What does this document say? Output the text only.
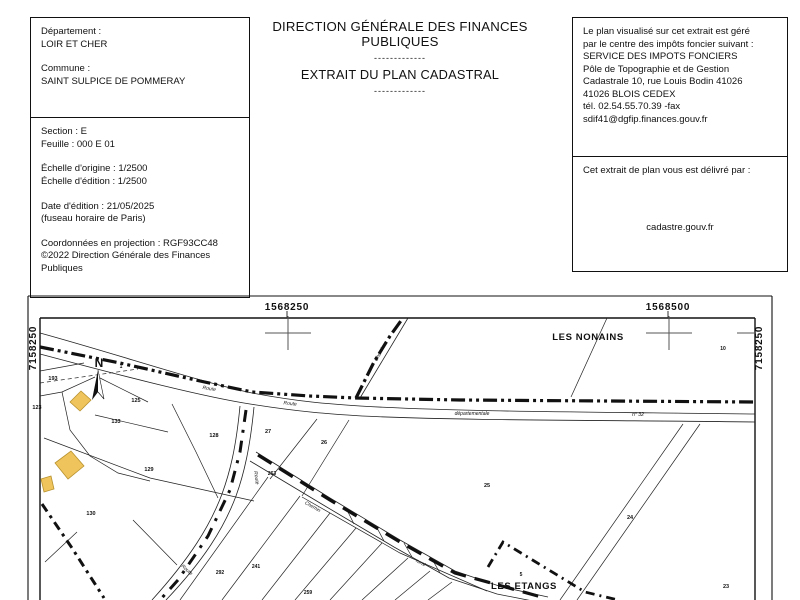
Département :
LOIR ET CHER
Commune :
SAINT SULPICE DE POMMERAY
Section : E
Feuille : 000 E 01
Échelle d'origine : 1/2500
Échelle d'édition : 1/2500
Date d'édition : 21/05/2025
(fuseau horaire de Paris)
Coordonnées en projection : RGF93CC48
©2022 Direction Générale des Finances
Publiques
DIRECTION GÉNÉRALE DES FINANCES PUBLIQUES
-------------
EXTRAIT DU PLAN CADASTRAL
-------------
Le plan visualisé sur cet extrait est géré
par le centre des impôts foncier suivant :
SERVICE DES IMPOTS FONCIERS
Pôle de Topographie et de Gestion
Cadastrale 10, rue Louis Bodin 41026
41026 BLOIS CEDEX
tél. 02.54.55.70.39 -fax
sdif41@dgfip.finances.gouv.fr
Cet extrait de plan vous est délivré par :
cadastre.gouv.fr
1568250	1568500
7158250	7158250
LES NONAINS
LES ETANGS
N
193
123
125
133
128
27
26
25
129
130
263
292
241
259
24
23
5
10
1
Route
Route
départementale	n° 32
Chemin
Route
Chemin
rural
Route
